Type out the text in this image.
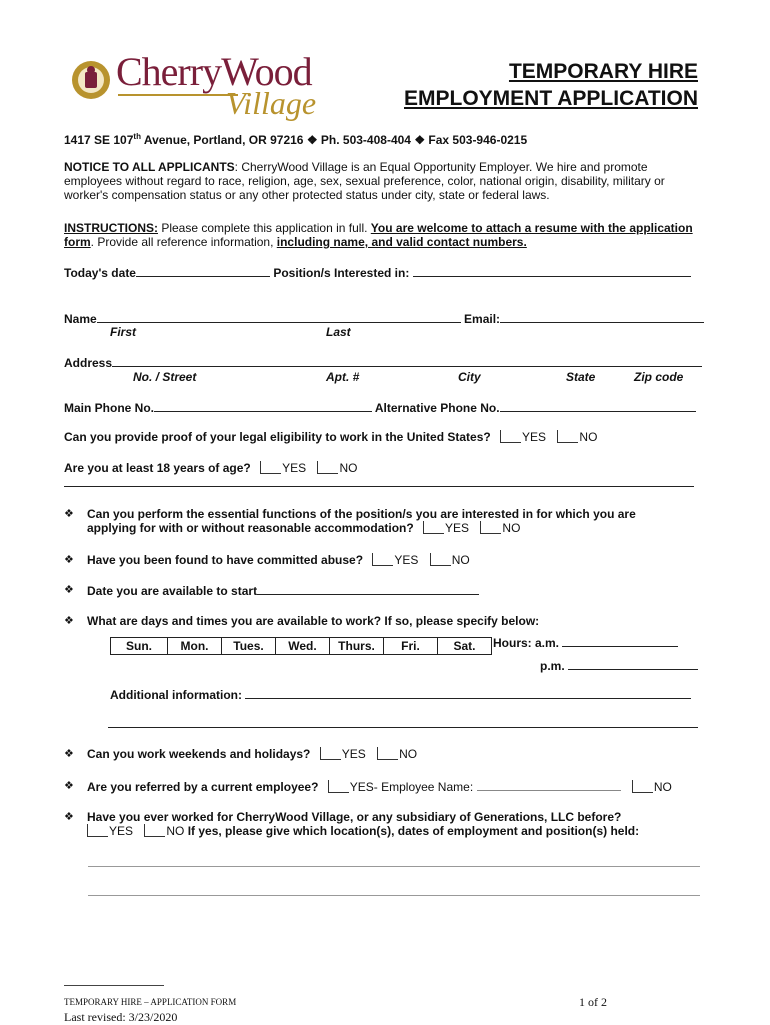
CherryWood
Village
TEMPORARY HIRE
EMPLOYMENT APPLICATION
1417 SE 107th Avenue, Portland, OR 97216 ❖ Ph. 503-408-404 ❖ Fax 503-946-0215
NOTICE TO ALL APPLICANTS: CherryWood Village is an Equal Opportunity Employer. We hire and promote employees without regard to race, religion, age, sex, sexual preference, color, national origin, disability, military or worker's compensation status or any other protected status under city, state or federal laws.
INSTRUCTIONS: Please complete this application in full. You are welcome to attach a resume with the application form. Provide all reference information, including name, and valid contact numbers.
Today's date	Position/s Interested in:
Name	Email:
First	Last
Address
No. / Street	Apt. #	City	State	Zip code
Main Phone No.	Alternative Phone No.
Can you provide proof of your legal eligibility to work in the United States?	YES	NO
Are you at least 18 years of age?	YES	NO
❖ Can you perform the essential functions of the position/s you are interested in for which you are
applying for with or without reasonable accommodation?	YES	NO
❖ Have you been found to have committed abuse?	YES	NO
❖ Date you are available to start
❖ What are days and times you are available to work? If so, please specify below:
Sun.	Mon.	Tues.	Wed.	Thurs.	Fri.	Sat. Hours: a.m.
p.m.
Additional information:
❖ Can you work weekends and holidays?	YES	NO
❖ Are you referred by a current employee?	YES- Employee Name:	NO
❖ Have you ever worked for CherryWood Village, or any subsidiary of Generations, LLC before?
YES	NO If yes, please give which location(s), dates of employment and position(s) held:
TEMPORARY HIRE – APPLICATION FORM	1 of 2
Last revised: 3/23/2020
